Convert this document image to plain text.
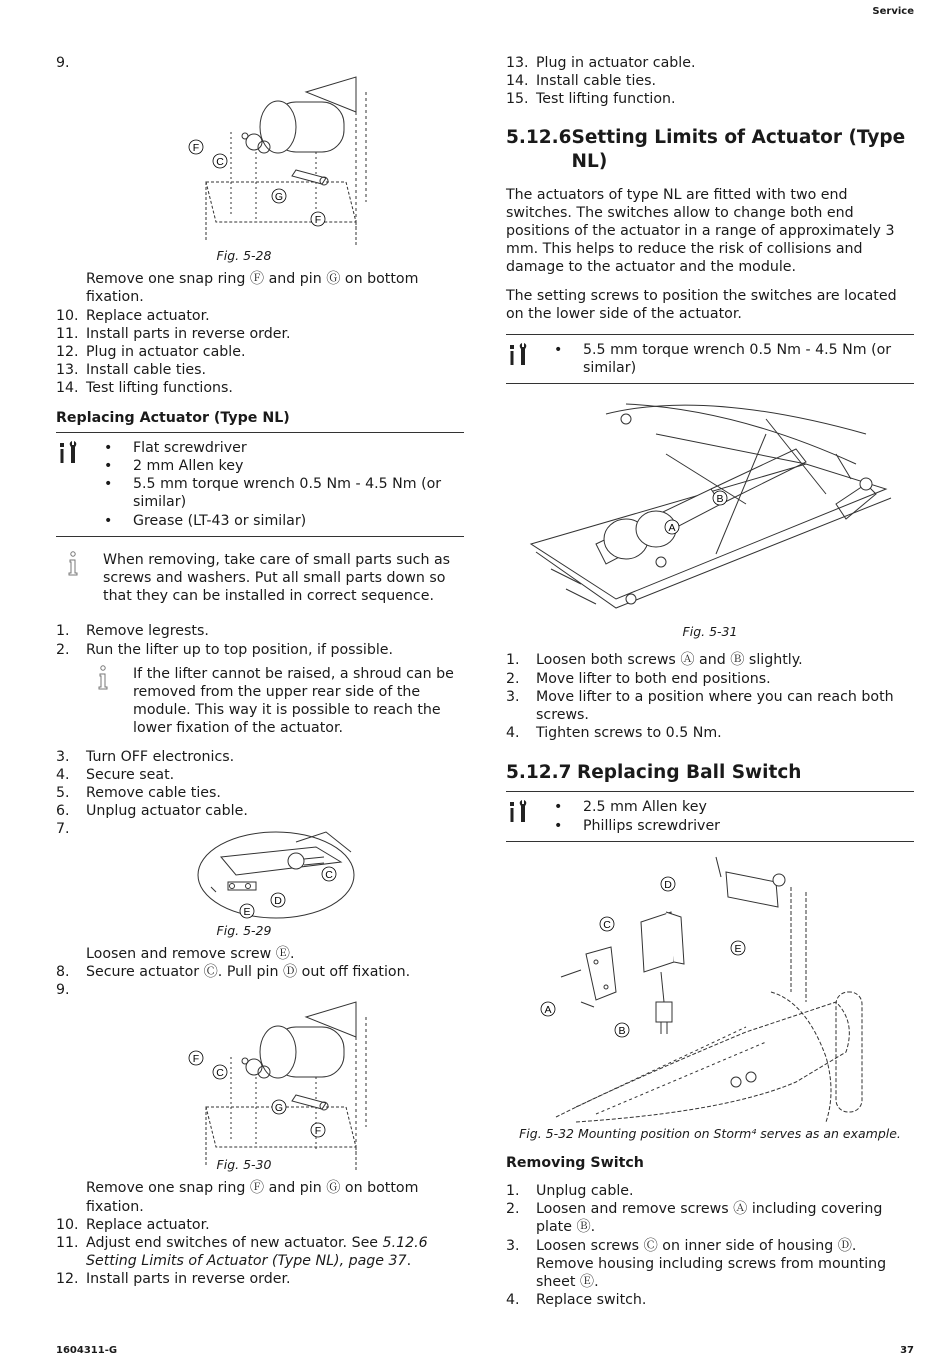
Service
9.
F
C
G
F
Fig. 5-28
Remove one snap ring Ⓕ and pin Ⓖ on bottom fixation.
10. Replace actuator.
11. Install parts in reverse order.
12. Plug in actuator cable.
13. Install cable ties.
14. Test lifting functions.
Replacing Actuator (Type NL)
•	Flat screwdriver
•	2 mm Allen key
•	5.5 mm torque wrench 0.5 Nm - 4.5 Nm (or similar)
•	Grease (LT-43 or similar)
When removing, take care of small parts such as screws and washers. Put all small parts down so that they can be installed in correct sequence.
1.	Remove legrests.
2.	Run the lifter up to top position, if possible.
If the lifter cannot be raised, a shroud can be removed from the upper rear side of the module. This way it is possible to reach the lower fixation of the actuator.
3.	Turn OFF electronics.
4.	Secure seat.
5.	Remove cable ties.
6.	Unplug actuator cable.
7.
C
D
E
Fig. 5-29
Loosen and remove screw Ⓔ.
8.	Secure actuator Ⓒ. Pull pin Ⓓ out off fixation.
9.
F
C
G
F
Fig. 5-30
Remove one snap ring Ⓕ and pin Ⓖ on bottom fixation.
10. Replace actuator.
11. Adjust end switches of new actuator. See 5.12.6 Setting Limits of Actuator (Type NL), page 37.
12. Install parts in reverse order.
13. Plug in actuator cable.
14. Install cable ties.
15. Test lifting function.
5.12.6 Setting Limits of Actuator (Type NL)

The actuators of type NL are fitted with two end switches. The switches allow to change both end positions of the actuator in a range of approximately 3 mm. This helps to reduce the risk of collisions and damage to the actuator and the module.

The setting screws to position the switches are located on the lower side of the actuator.

•	5.5 mm torque wrench 0.5 Nm - 4.5 Nm (or similar)
B
A
Fig. 5-31
1.	Loosen both screws Ⓐ and Ⓑ slightly.
2.	Move lifter to both end positions.
3.	Move lifter to a position where you can reach both screws.
4.	Tighten screws to 0.5 Nm.
5.12.7 Replacing Ball Switch
•	2.5 mm Allen key
•	Phillips screwdriver
D
C
E
A
B
Fig. 5-32 Mounting position on Storm⁴ serves as an example.
Removing Switch
1.	Unplug cable.
2.	Loosen and remove screws Ⓐ including covering plate Ⓑ.
3.	Loosen screws Ⓒ on inner side of housing Ⓓ. Remove housing including screws from mounting sheet Ⓔ.
4.	Replace switch.
1604311-G	37
